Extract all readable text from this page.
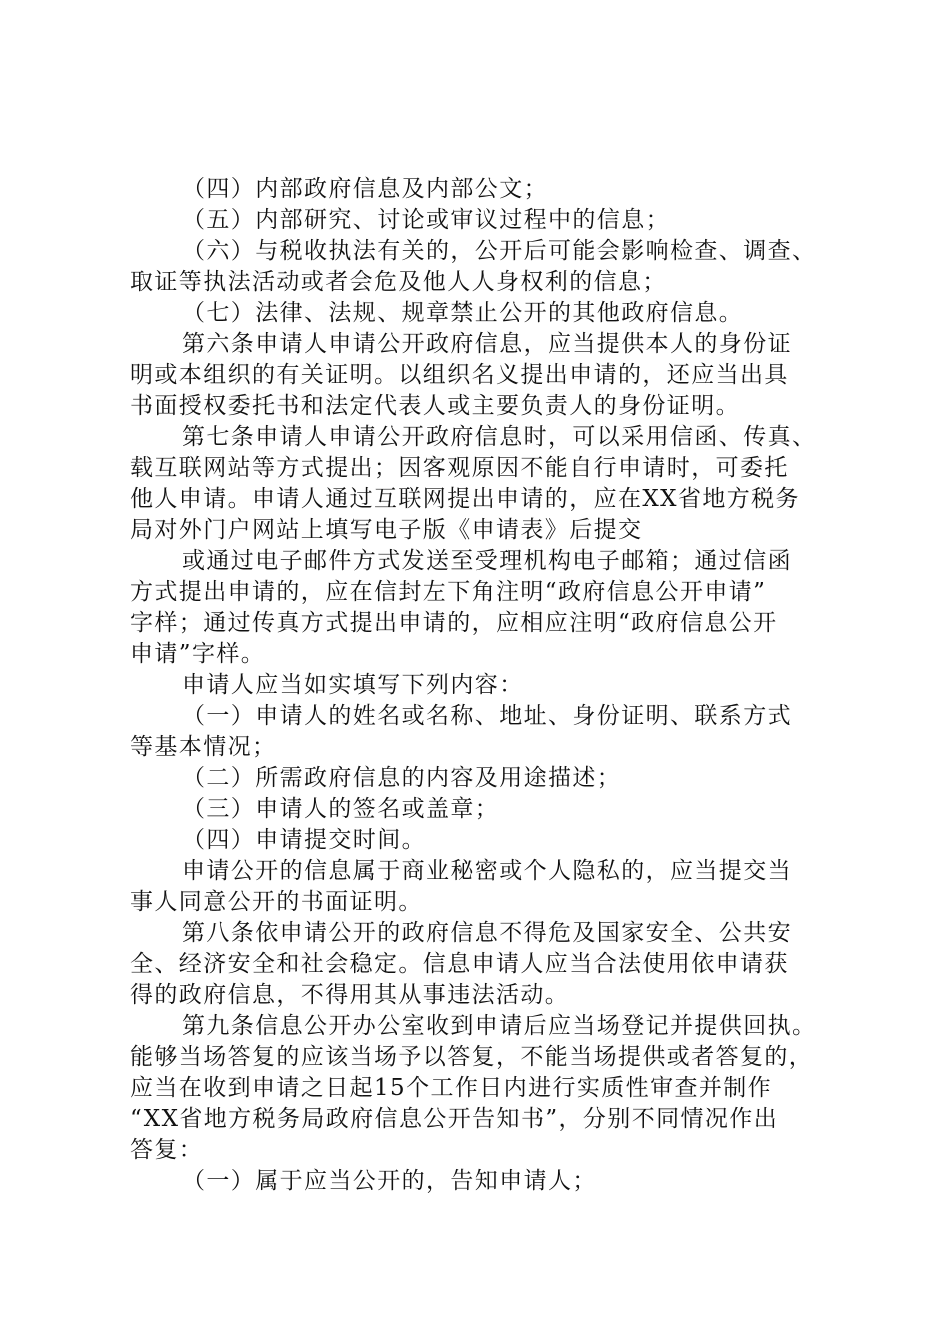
（四）内部政府信息及内部公文；
（五）内部研究、讨论或审议过程中的信息；
（六）与税收执法有关的，公开后可能会影响检查、调查、
取证等执法活动或者会危及他人人身权利的信息；
（七）法律、法规、规章禁止公开的其他政府信息。
第六条申请人申请公开政府信息，应当提供本人的身份证
明或本组织的有关证明。以组织名义提出申请的，还应当出具
书面授权委托书和法定代表人或主要负责人的身份证明。
第七条申请人申请公开政府信息时，可以采用信函、传真、
载互联网站等方式提出；因客观原因不能自行申请时，可委托
他人申请。申请人通过互联网提出申请的，应在XX省地方税务
局对外门户网站上填写电子版《申请表》后提交
或通过电子邮件方式发送至受理机构电子邮箱；通过信函
方式提出申请的，应在信封左下角注明“政府信息公开申请”
字样；通过传真方式提出申请的，应相应注明“政府信息公开
申请”字样。
申请人应当如实填写下列内容：
（一）申请人的姓名或名称、地址、身份证明、联系方式
等基本情况；
（二）所需政府信息的内容及用途描述；
（三）申请人的签名或盖章；
（四）申请提交时间。
申请公开的信息属于商业秘密或个人隐私的，应当提交当
事人同意公开的书面证明。
第八条依申请公开的政府信息不得危及国家安全、公共安
全、经济安全和社会稳定。信息申请人应当合法使用依申请获
得的政府信息，不得用其从事违法活动。
第九条信息公开办公室收到申请后应当场登记并提供回执。
能够当场答复的应该当场予以答复，不能当场提供或者答复的，
应当在收到申请之日起15个工作日内进行实质性审查并制作
“XX省地方税务局政府信息公开告知书”，分别不同情况作出
答复：
（一）属于应当公开的，告知申请人；
